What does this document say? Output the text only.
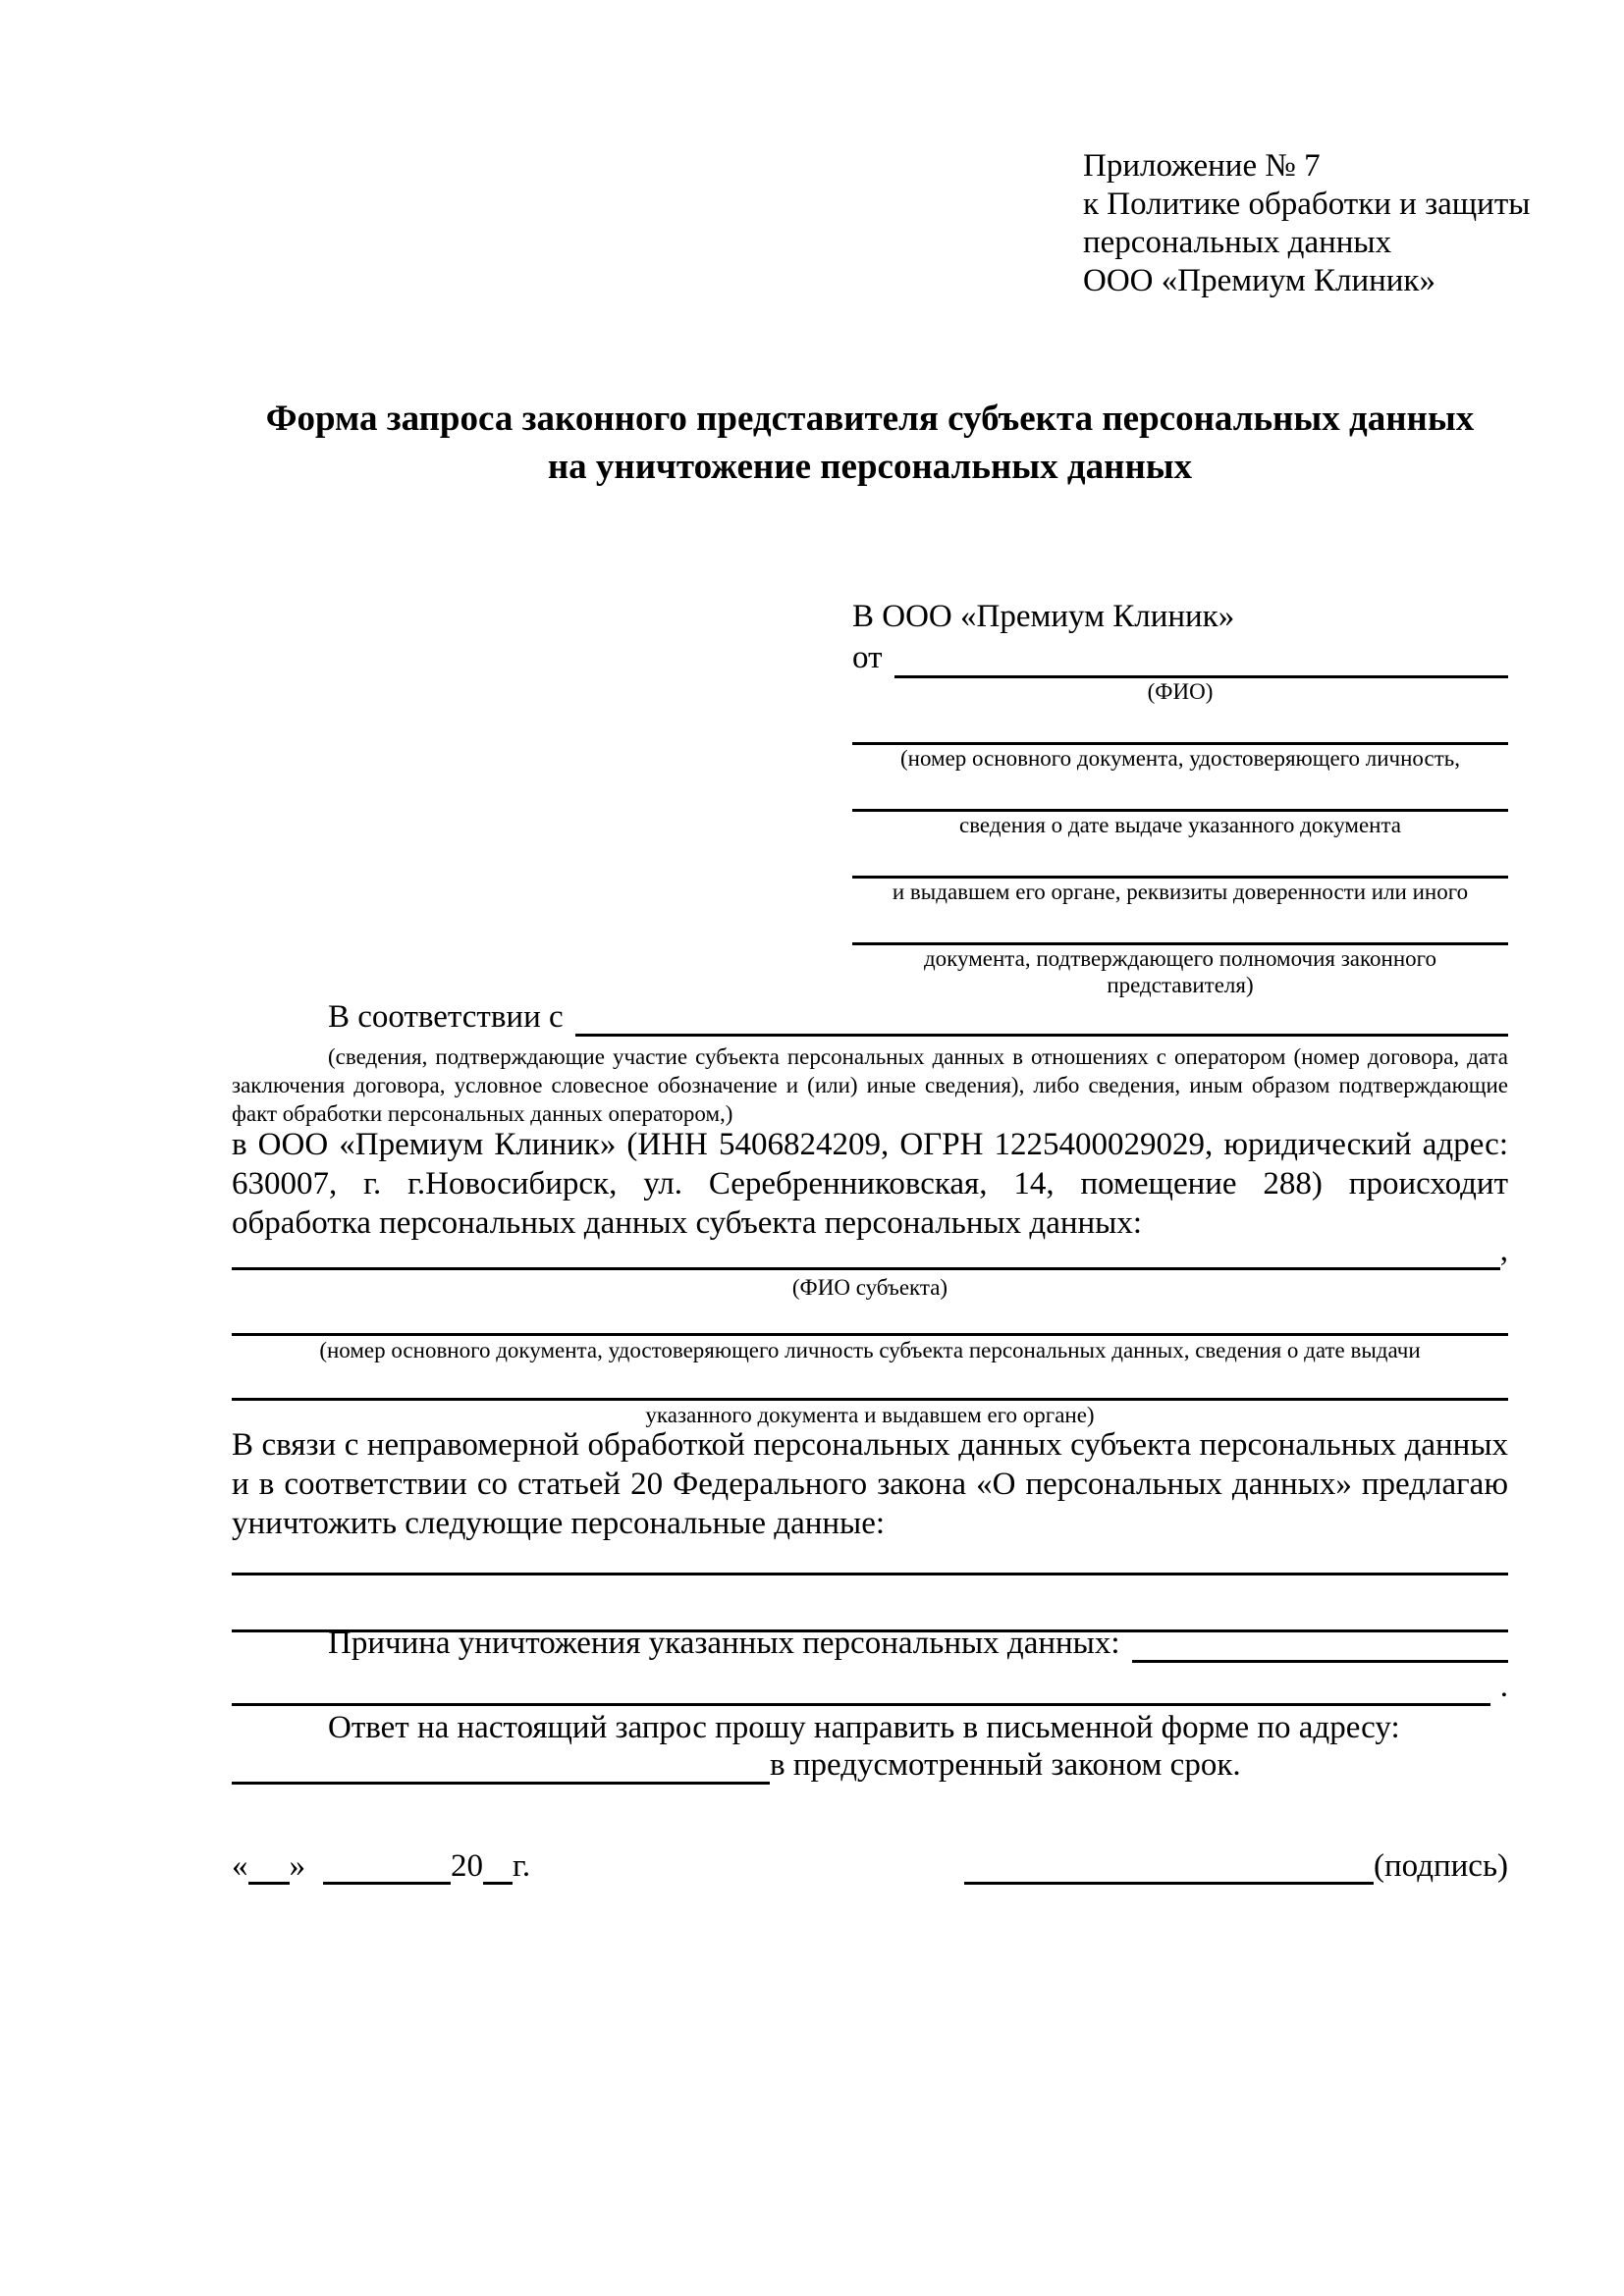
Приложение № 7
к Политике обработки и защиты
персональных данных
ООО «Премиум Клиник»
Форма запроса законного представителя субъекта персональных данных
на уничтожение персональных данных
В ООО «Премиум Клиник»
от
(ФИО)
(номер основного документа, удостоверяющего личность,
сведения о дате выдаче указанного документа
и выдавшем его органе, реквизиты доверенности или иного
документа, подтверждающего полномочия законного представителя)
В соответствии с
(сведения, подтверждающие участие субъекта персональных данных в отношениях с оператором (номер договора, дата заключения договора, условное словесное обозначение и (или) иные сведения), либо сведения, иным образом подтверждающие факт обработки персональных данных оператором,)
в ООО «Премиум Клиник» (ИНН 5406824209, ОГРН 1225400029029, юридический адрес: 630007, г. г.Новосибирск, ул. Серебренниковская, 14, помещение 288) происходит обработка персональных данных субъекта персональных данных:
,
(ФИО субъекта)
(номер основного документа, удостоверяющего личность субъекта персональных данных, сведения о дате выдачи
указанного документа и выдавшем его органе)
В связи с неправомерной обработкой персональных данных субъекта персональных данных и в соответствии со статьей 20 Федерального закона «О персональных данных» предлагаю уничтожить следующие персональные данные:
Причина уничтожения указанных персональных данных:
.
Ответ на настоящий запрос прошу направить в письменной форме по адресу:
в предусмотренный законом срок.
« »	20 г.	(подпись)
